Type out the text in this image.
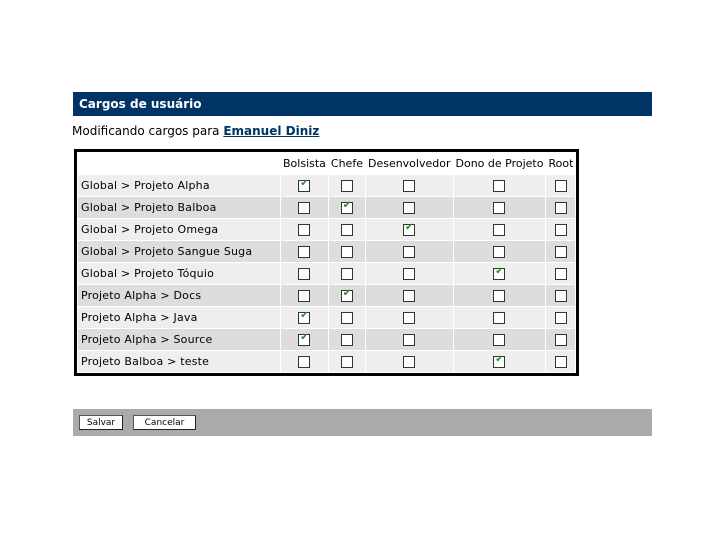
Cargos de usuário
Modificando cargos para Emanuel Diniz
	Bolsista	Chefe	Desenvolvedor	Dono de Projeto	Root
Global > Projeto Alpha	✔				

Global > Projeto Balboa		✔			

Global > Projeto Omega			✔		

Global > Projeto Sangue Suga					
Global > Projeto Tóquio				✔	

Projeto Alpha > Docs		✔			

Projeto Alpha > Java	✔				

Projeto Alpha > Source	✔				

Projeto Balboa > teste				✔	

Salvar	Cancelar
